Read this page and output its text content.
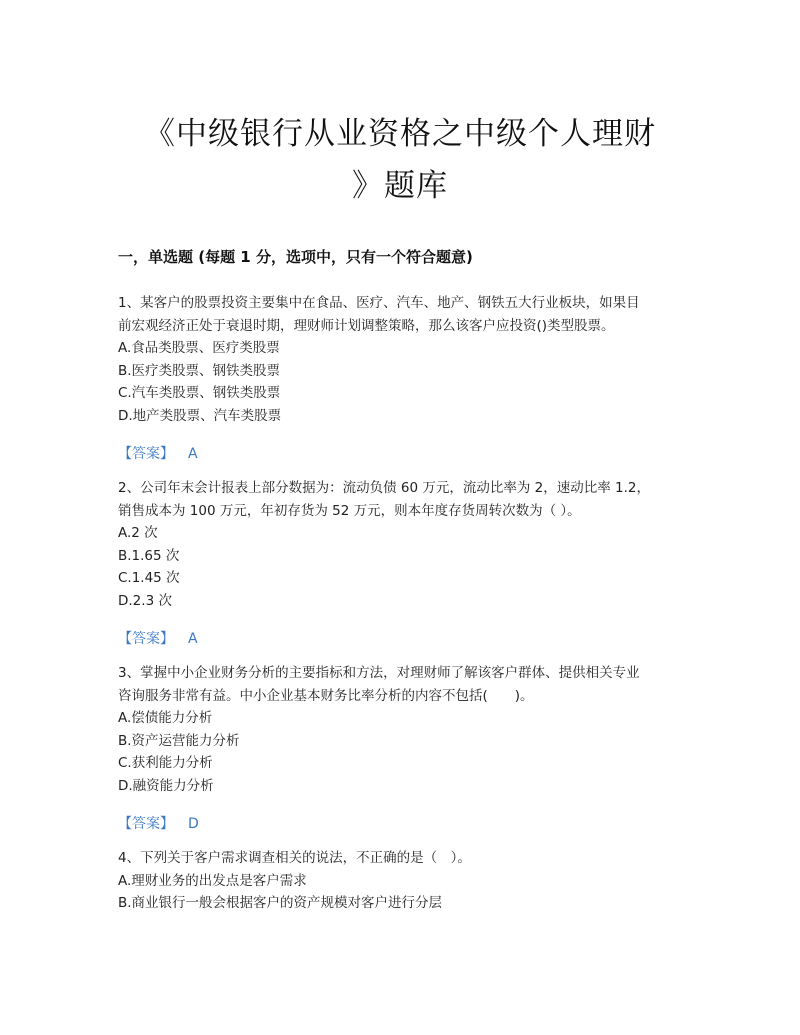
《中级银行从业资格之中级个人理财
》题库
一，单选题 (每题 1 分，选项中，只有一个符合题意)

1、某客户的股票投资主要集中在食品、医疗、汽车、地产、钢铁五大行业板块，如果目

前宏观经济正处于衰退时期，理财师计划调整策略，那么该客户应投资()类型股票。

A.食品类股票、医疗类股票

B.医疗类股票、钢铁类股票

C.汽车类股票、钢铁类股票

D.地产类股票、汽车类股票

【答案】 A

2、公司年末会计报表上部分数据为：流动负债 60 万元，流动比率为 2，速动比率 1.2，

销售成本为 100 万元，年初存货为 52 万元，则本年度存货周转次数为（ ）。

A.2 次

B.1.65 次

C.1.45 次

D.2.3 次

【答案】 A

3、掌握中小企业财务分析的主要指标和方法，对理财师了解该客户群体、提供相关专业

咨询服务非常有益。中小企业基本财务比率分析的内容不包括(　　)。

A.偿债能力分析

B.资产运营能力分析

C.获利能力分析

D.融资能力分析

【答案】 D

4、下列关于客户需求调查相关的说法，不正确的是（　）。

A.理财业务的出发点是客户需求

B.商业银行一般会根据客户的资产规模对客户进行分层
